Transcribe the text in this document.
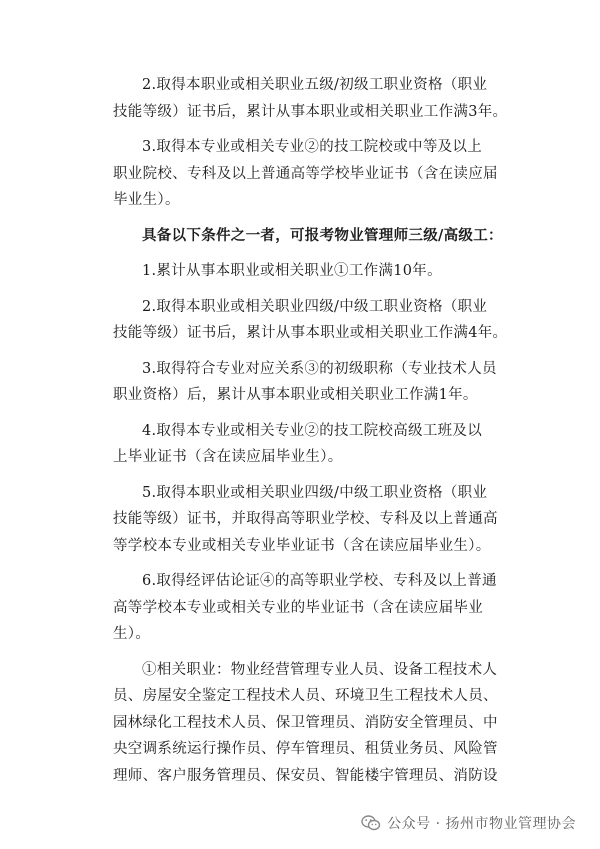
2.取得本职业或相关职业五级/初级工职业资格（职业
技能等级）证书后，累计从事本职业或相关职业工作满3年。

3.取得本专业或相关专业②的技工院校或中等及以上
职业院校、专科及以上普通高等学校毕业证书（含在读应届
毕业生）。

具备以下条件之一者，可报考物业管理师三级/高级工：

1.累计从事本职业或相关职业①工作满10年。

2.取得本职业或相关职业四级/中级工职业资格（职业
技能等级）证书后，累计从事本职业或相关职业工作满4年。

3.取得符合专业对应关系③的初级职称（专业技术人员
职业资格）后，累计从事本职业或相关职业工作满1年。

4.取得本专业或相关专业②的技工院校高级工班及以
上毕业证书（含在读应届毕业生）。

5.取得本职业或相关职业四级/中级工职业资格（职业
技能等级）证书，并取得高等职业学校、专科及以上普通高
等学校本专业或相关专业毕业证书（含在读应届毕业生）。

6.取得经评估论证④的高等职业学校、专科及以上普通
高等学校本专业或相关专业的毕业证书（含在读应届毕业
生）。

①相关职业：物业经营管理专业人员、设备工程技术人
员、房屋安全鉴定工程技术人员、环境卫生工程技术人员、
园林绿化工程技术人员、保卫管理员、消防安全管理员、中
央空调系统运行操作员、停车管理员、租赁业务员、风险管
理师、客户服务管理员、保安员、智能楼宇管理员、消防设

公众号 · 扬州市物业管理协会
